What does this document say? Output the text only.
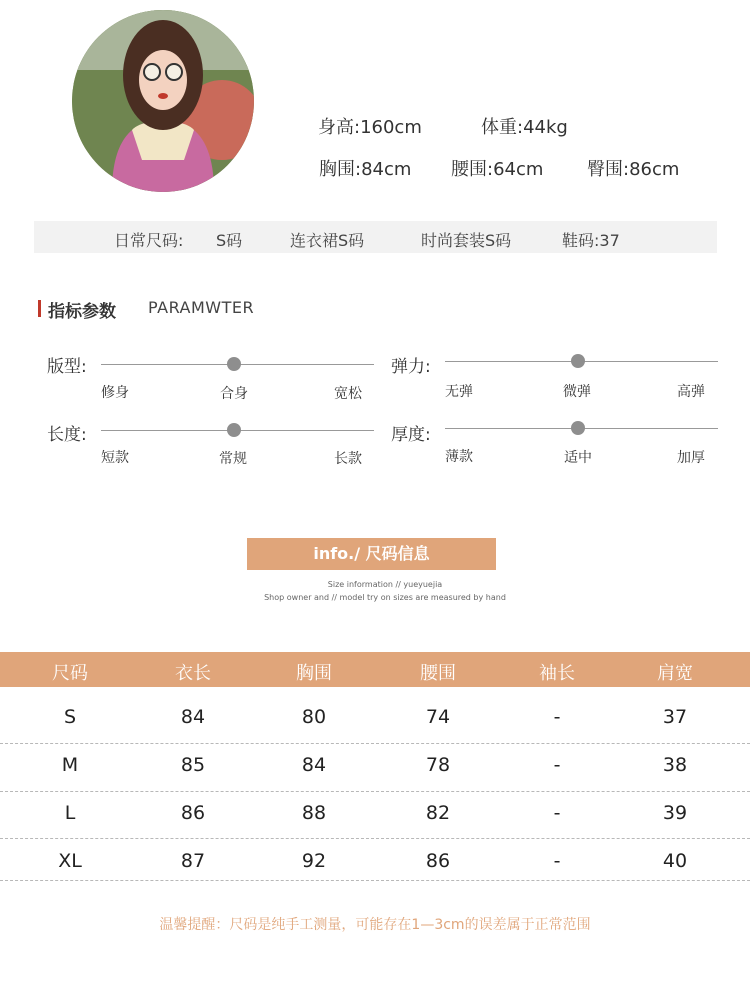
身高:160cm	体重:44kg
胸围:84cm 腰围:64cm 臀围:86cm
日常尺码: S码	连衣裙S码	时尚套装S码	鞋码:37
指标参数 PARAMWTER
版型:
修身	合身	宽松
弹力:
无弹	微弹	高弹
长度:
短款	常规	长款
厚度:
薄款	适中	加厚
info./ 尺码信息
Size information // yueyuejia
Shop owner and // model try on sizes are measured by hand
尺码	衣长	胸围	腰围	袖长	肩宽
S	84	80	74	-	37
M	85	84	78	-	38
L	86	88	82	-	39
XL	87	92	86	-	40
温馨提醒：尺码是纯手工测量，可能存在1—3cm的误差属于正常范围
